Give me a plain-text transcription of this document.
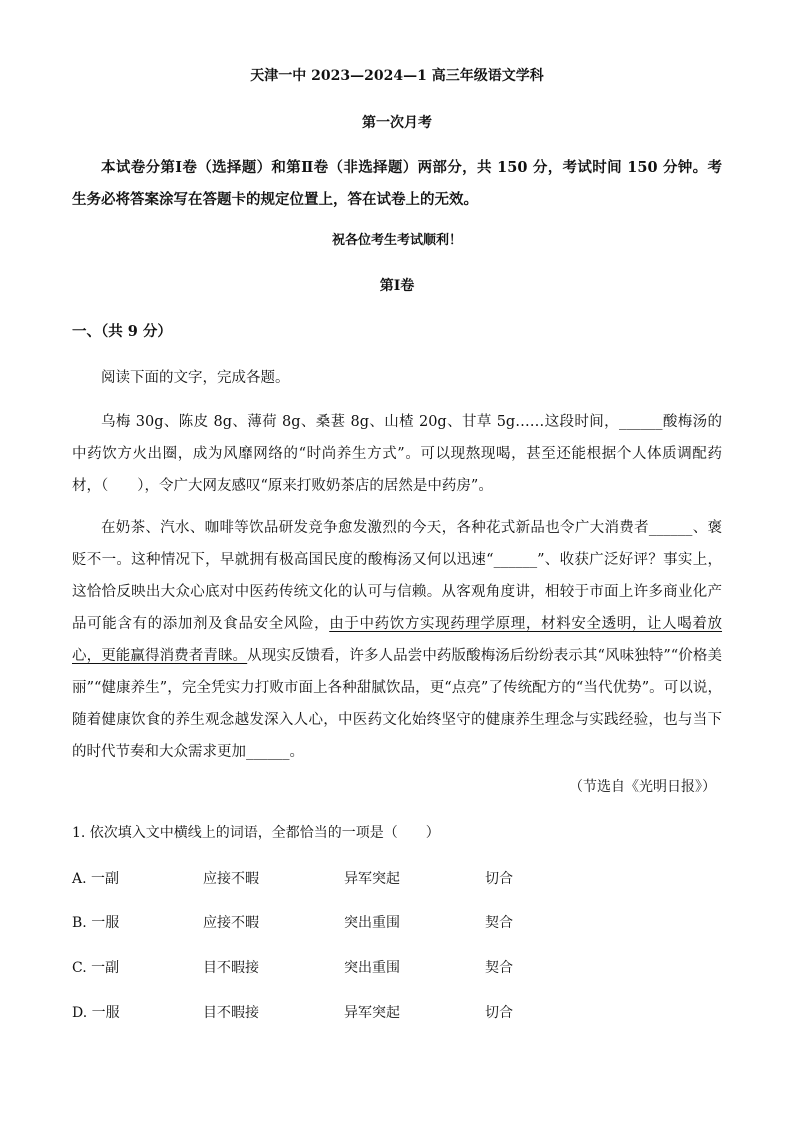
天津一中 2023—2024—1 高三年级语文学科
第一次月考
本试卷分第Ⅰ卷（选择题）和第Ⅱ卷（非选择题）两部分，共 150 分，考试时间 150 分钟。考生务必将答案涂写在答题卡的规定位置上，答在试卷上的无效。
祝各位考生考试顺利！
第Ⅰ卷
一、（共 9 分）
阅读下面的文字，完成各题。
乌梅 30g、陈皮 8g、薄荷 8g、桑葚 8g、山楂 20g、甘草 5g……这段时间，______酸梅汤的中药饮方火出圈，成为风靡网络的“时尚养生方式”。可以现熬现喝，甚至还能根据个人体质调配药材，（　　），令广大网友感叹“原来打败奶茶店的居然是中药房”。
在奶茶、汽水、咖啡等饮品研发竞争愈发激烈的今天，各种花式新品也令广大消费者______、褒贬不一。这种情况下，早就拥有极高国民度的酸梅汤又何以迅速“______”、收获广泛好评？事实上，这恰恰反映出大众心底对中医药传统文化的认可与信赖。从客观角度讲，相较于市面上许多商业化产品可能含有的添加剂及食品安全风险，由于中药饮方实现药理学原理，材料安全透明，让人喝着放心，更能赢得消费者青睐。从现实反馈看，许多人品尝中药版酸梅汤后纷纷表示其“风味独特”“价格美丽”“健康养生”，完全凭实力打败市面上各种甜腻饮品，更“点亮”了传统配方的“当代优势”。可以说，随着健康饮食的养生观念越发深入人心，中医药文化始终坚守的健康养生理念与实践经验，也与当下的时代节奏和大众需求更加______。
（节选自《光明日报》）
1. 依次填入文中横线上的词语，全都恰当的一项是（　　）
A. 一副	应接不暇	异军突起	切合
B. 一服	应接不暇	突出重围	契合
C. 一副	目不暇接	突出重围	契合
D. 一服	目不暇接	异军突起	切合
